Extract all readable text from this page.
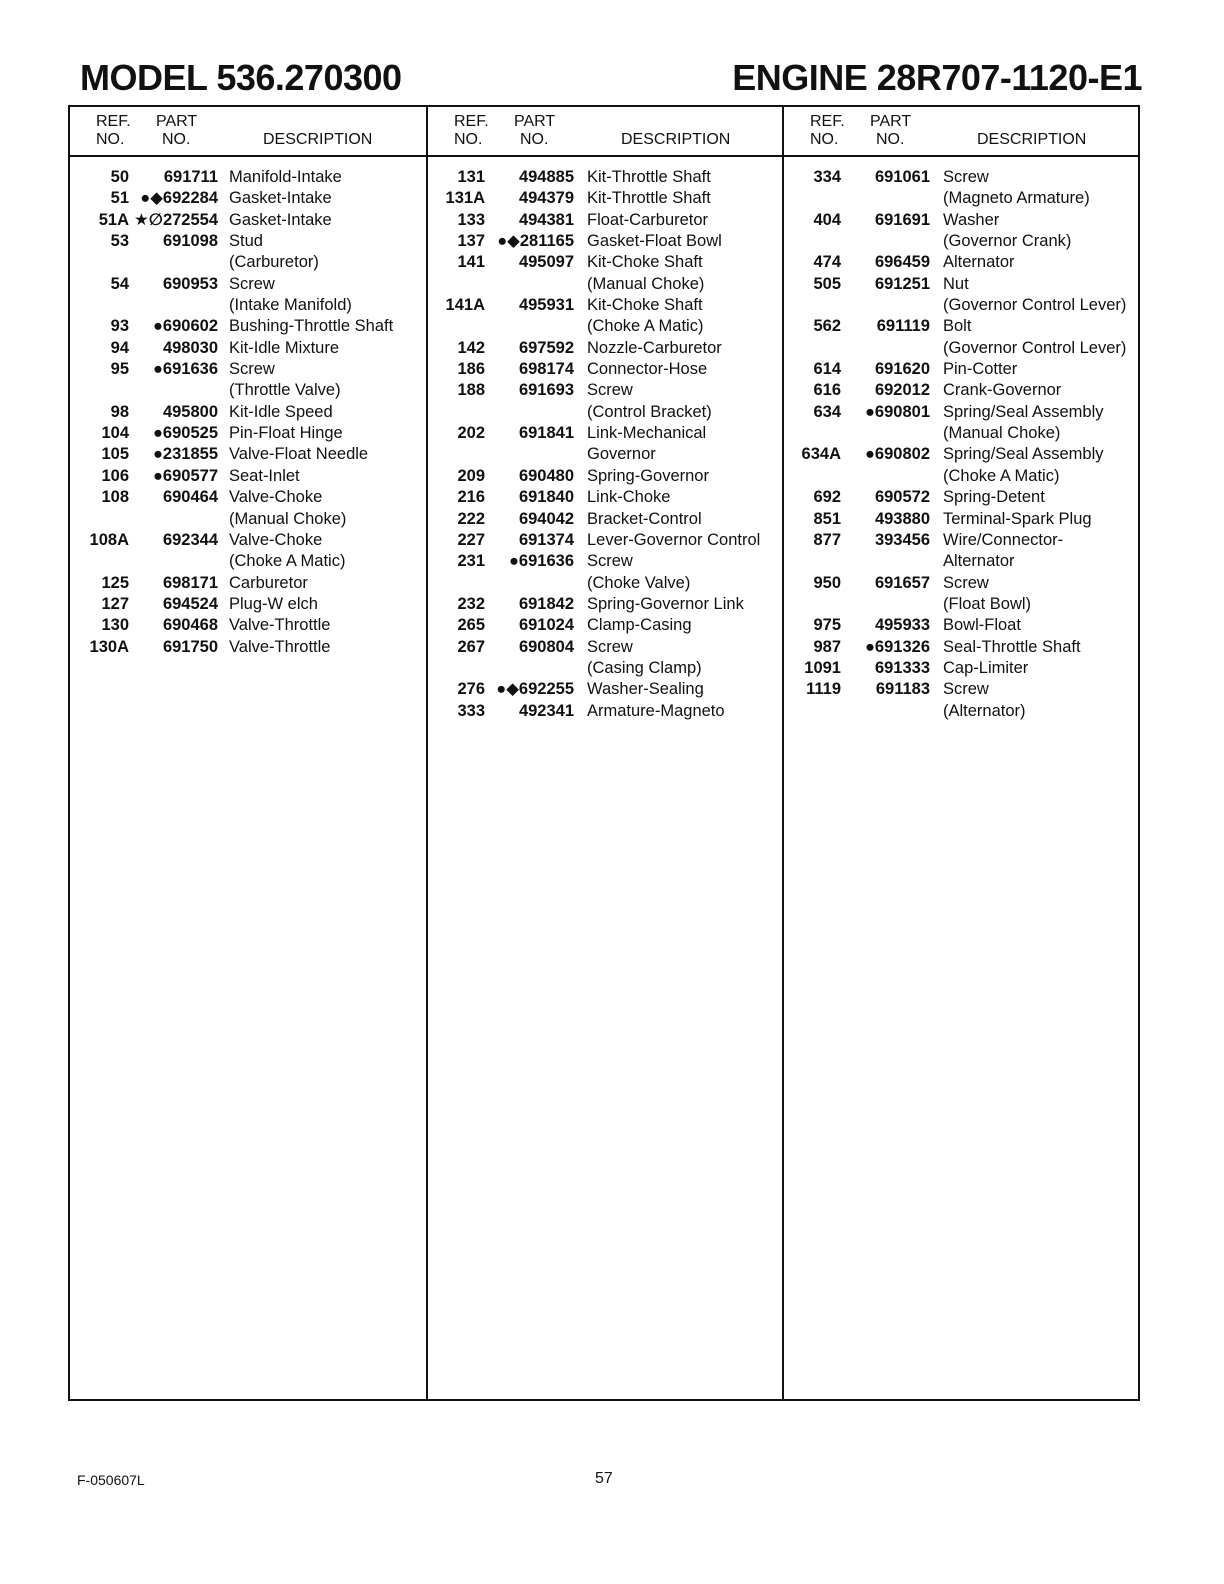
MODEL 536.270300	ENGINE 28R707-1120-E1
REF.
NO.
PART
NO.	DESCRIPTION
50 691711 Manifold-Intake
51 ●◆692284 Gasket-Intake
51A ★∅272554 Gasket-Intake
53 691098 Stud
(Carburetor)
54 690953 Screw
(Intake Manifold)
93 ●690602 Bushing-Throttle Shaft
94 498030 Kit-Idle Mixture
95 ●691636 Screw
(Throttle Valve)
98 495800 Kit-Idle Speed
104 ●690525 Pin-Float Hinge
105 ●231855 Valve-Float Needle
106 ●690577 Seat-Inlet
108 690464 Valve-Choke
(Manual Choke)
108A 692344 Valve-Choke
(Choke A Matic)
125 698171 Carburetor
127 694524 Plug-W elch
130 690468 Valve-Throttle
130A 691750 Valve-Throttle
REF.
NO.
PART
NO.	DESCRIPTION
131 494885 Kit-Throttle Shaft
131A 494379 Kit-Throttle Shaft
133 494381 Float-Carburetor
137 ●◆281165 Gasket-Float Bowl
141 495097 Kit-Choke Shaft
(Manual Choke)
141A 495931 Kit-Choke Shaft
(Choke A Matic)
142 697592 Nozzle-Carburetor
186 698174 Connector-Hose
188 691693 Screw
(Control Bracket)
202 691841 Link-Mechanical
Governor
209 690480 Spring-Governor
216 691840 Link-Choke
222 694042 Bracket-Control
227 691374 Lever-Governor Control
231 ●691636 Screw
(Choke Valve)
232 691842 Spring-Governor Link
265 691024 Clamp-Casing
267 690804 Screw
(Casing Clamp)
276 ●◆692255 Washer-Sealing
333 492341 Armature-Magneto
REF.
NO.
PART
NO.	DESCRIPTION
334 691061 Screw
(Magneto Armature)
404 691691 Washer
(Governor Crank)
474 696459 Alternator
505 691251 Nut
(Governor Control Lever)
562 691119 Bolt
(Governor Control Lever)
614 691620 Pin-Cotter
616 692012 Crank-Governor
634 ●690801 Spring/Seal Assembly
(Manual Choke)
634A ●690802 Spring/Seal Assembly
(Choke A Matic)
692 690572 Spring-Detent
851 493880 Terminal-Spark Plug
877 393456 Wire/Connector-
Alternator
950 691657 Screw
(Float Bowl)
975 495933 Bowl-Float
987 ●691326 Seal-Throttle Shaft
1091 691333 Cap-Limiter
1119 691183 Screw
(Alternator)
F-050607L	57
